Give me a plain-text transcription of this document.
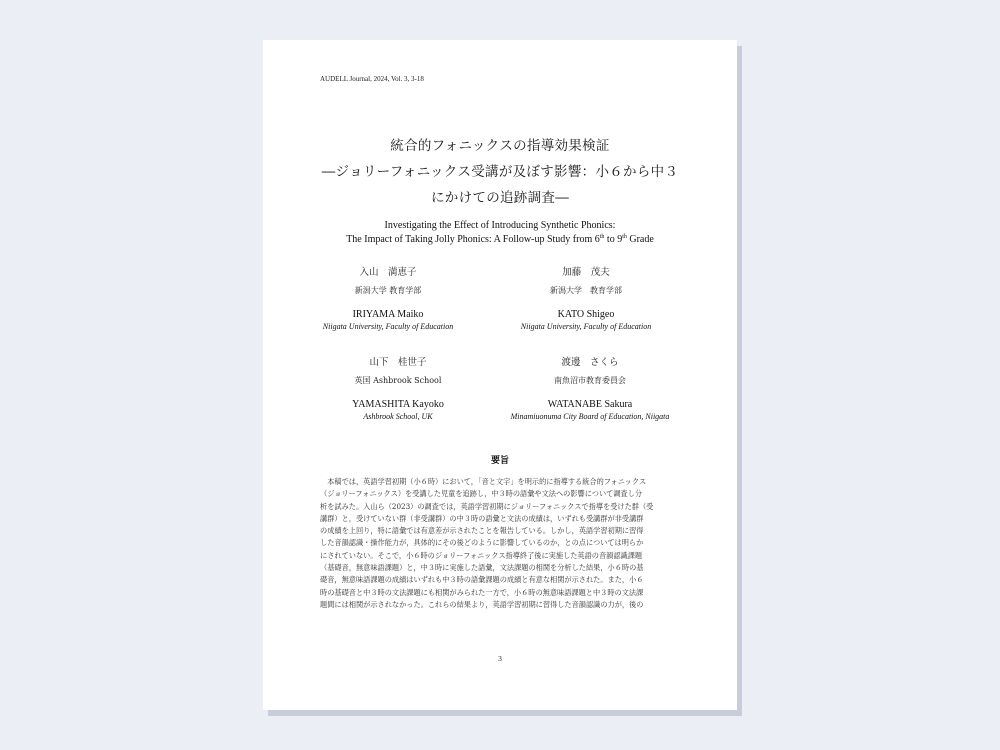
AUDELL Journal, 2024, Vol. 3, 3-18
統合的フォニックスの指導効果検証
―ジョリーフォニックス受講が及ぼす影響：小６から中３
にかけての追跡調査―
Investigating the Effect of Introducing Synthetic Phonics:
The Impact of Taking Jolly Phonics: A Follow-up Study from 6th to 9th Grade
入山　満恵子
新潟大学 教育学部
IRIYAMA Maiko
Niigata University, Faculty of Education
加藤　茂夫
新潟大学　教育学部
KATO Shigeo
Niigata University, Faculty of Education
山下　桂世子
英国 Ashbrook School
YAMASHITA Kayoko
Ashbrook School, UK
渡邊　さくら
南魚沼市教育委員会
WATANABE Sakura
Minamiuonuma City Board of Education, Niigata
要旨
　本稿では，英語学習初期（小６時）において，「音と文字」を明示的に指導する統合的フォニックス
（ジョリーフォニックス）を受講した児童を追跡し，中３時の語彙や文法への影響について調査し分
析を試みた。入山ら（2023）の調査では，英語学習初期にジョリーフォニックスで指導を受けた群（受
講群）と，受けていない群（非受講群）の中３時の語彙と文法の成績は，いずれも受講群が非受講群
の成績を上回り，特に語彙では有意差が示されたことを報告している。しかし，英語学習初期に習得
した音韻認識・操作能力が，具体的にその後どのように影響しているのか，との点については明らか
にされていない。そこで，小６時のジョリーフォニックス指導終了後に実施した英語の音韻認識課題
（基礎音，無意味語課題）と，中３時に実施した語彙，文法課題の相関を分析した結果，小６時の基
礎音，無意味語課題の成績はいずれも中３時の語彙課題の成績と有意な相関が示された。また，小６
時の基礎音と中３時の文法課題にも相関がみられた一方で，小６時の無意味語課題と中３時の文法課
題間には相関が示されなかった。これらの結果より，英語学習初期に習得した音韻認識の力が，後の
3
